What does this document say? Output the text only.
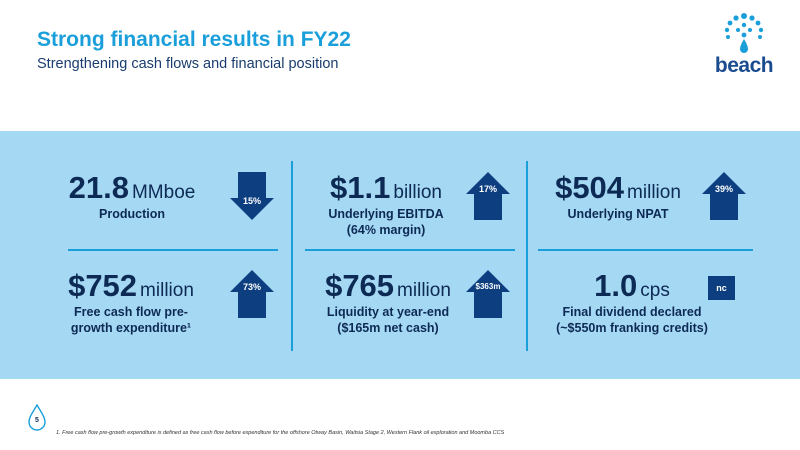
Strong financial results in FY22
Strengthening cash flows and financial position	beach
21.8 MMboe
Production
15%	$1.1 billion
Underlying EBITDA
(64% margin)
17%	$504 million
Underlying NPAT
39%
$752 million
Free cash flow pre-
growth expenditure¹
73%	$765 million
Liquidity at year-end
($165m net cash)
$363m	1.0 cps
Final dividend declared
(~$550m franking credits)
nc
5
1. Free cash flow pre-growth expenditure is defined as free cash flow before expenditure for the offshore Otway Basin, Waitsia Stage 2, Western Flank oil exploration and Moomba CCS
